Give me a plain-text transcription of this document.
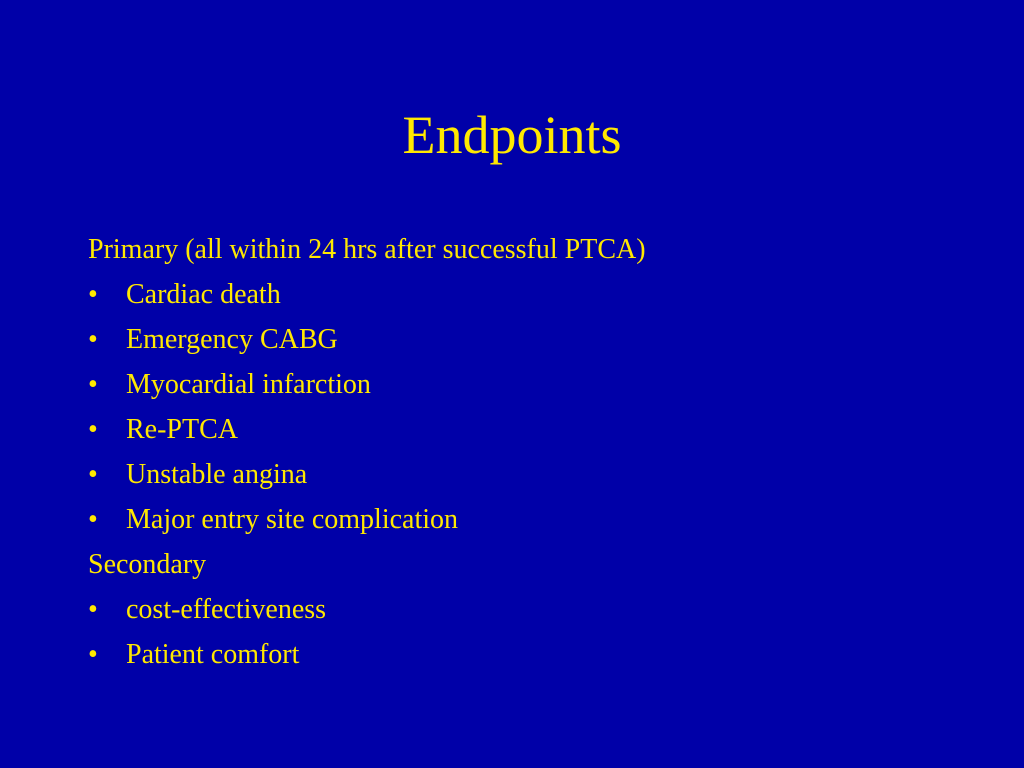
Endpoints
Primary (all within 24 hrs after successful PTCA)
• Cardiac death
• Emergency CABG
• Myocardial infarction
• Re-PTCA
• Unstable angina
• Major entry site complication
Secondary
• cost-effectiveness
• Patient comfort
